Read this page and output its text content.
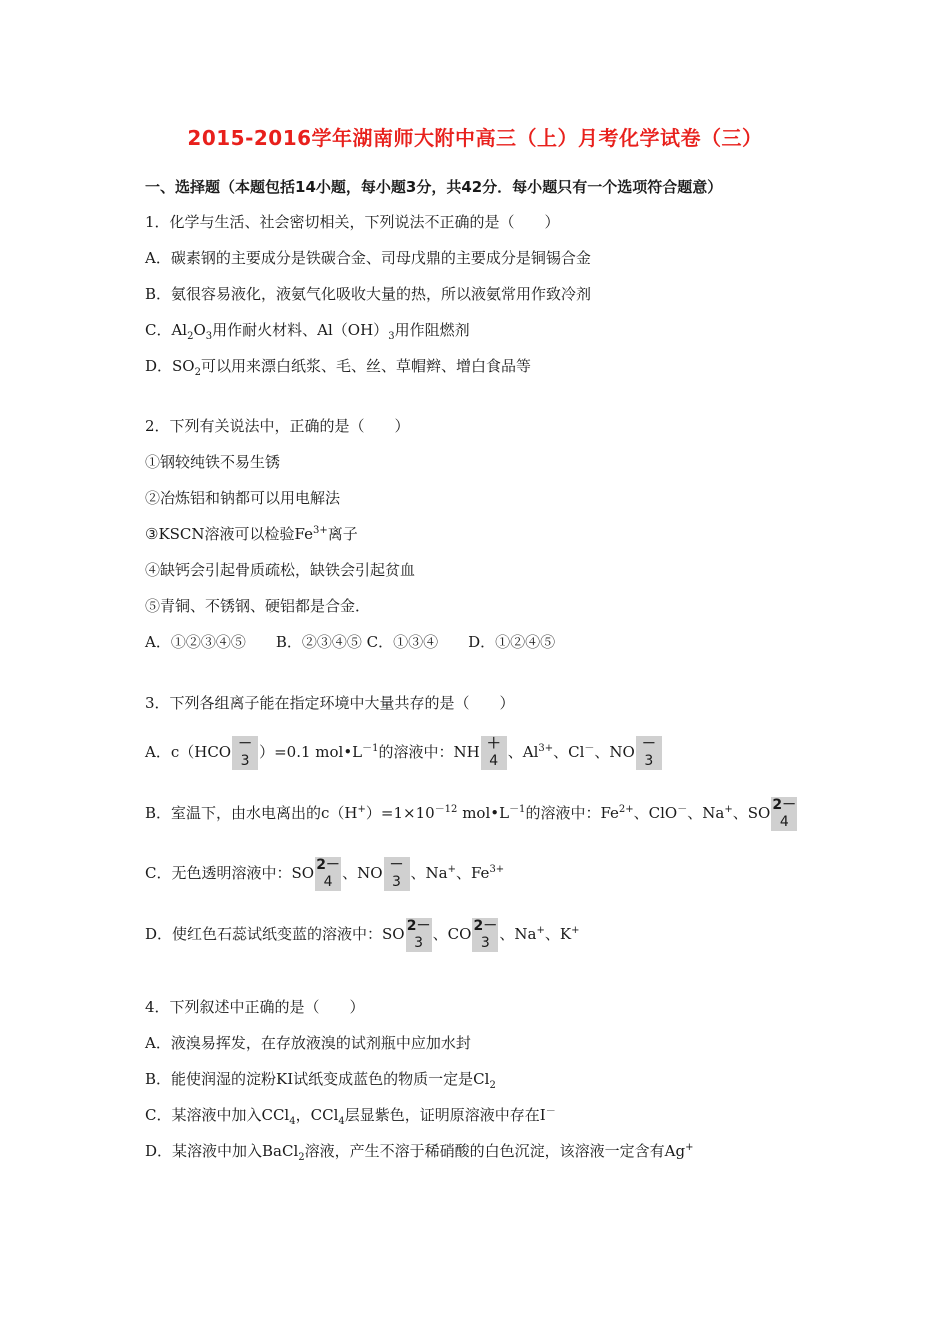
2015-2016学年湖南师大附中高三（上）月考化学试卷（三）
一、选择题（本题包括14小题，每小题3分，共42分．每小题只有一个选项符合题意）
1．化学与生活、社会密切相关，下列说法不正确的是（　　）
A．碳素钢的主要成分是铁碳合金、司母戊鼎的主要成分是铜锡合金
B．氨很容易液化，液氨气化吸收大量的热，所以液氨常用作致冷剂
C．$Al_2O_3$用作耐火材料、$Al(OH)_3$用作阻燃剂
D．$SO_2$可以用来漂白纸浆、毛、丝、草帽辫、增白食品等
2．下列有关说法中，正确的是（　　）
①钢较纯铁不易生锈
②冶炼铝和钠都可以用电解法
③KSCN溶液可以检验$Fe^{3+}$离子
④缺钙会引起骨质疏松，缺铁会引起贫血
⑤青铜、不锈钢、硬铝都是合金．
A．①②③④⑤　　B．②③④⑤ C．①③④　　D．①②④⑤
3．下列各组离子能在指定环境中大量共存的是（　　）
A．c（HCO －
3 ）=0.1 $mol•L^{-1}$的溶液中：NH ＋
4 、$Al^{3+}$、Cl－、NO －
3
B．室温下，由水电离出的$c(H^+)=1\times 10^{-12}$ $mol•L^{-1}$的溶液中：$Fe^{2+}$、ClO－、Na+、SO 2－
4
C．无色透明溶液中：SO 2－
4 、NO －
3 、Na+、$Fe^{3+}$
D．使红色石蕊试纸变蓝的溶液中：SO 2－
3 、CO 2－
3 、Na+、K+
4．下列叙述中正确的是（　　）
A．液溴易挥发，在存放液溴的试剂瓶中应加水封
B．能使润湿的淀粉KI试纸变成蓝色的物质一定是$Cl_2$
C．某溶液中加入CCl$_4$，CCl$_4$层显紫色，证明原溶液中存在I－
D．某溶液中加入BaCl$_2$溶液，产生不溶于稀硝酸的白色沉淀，该溶液一定含有Ag+
